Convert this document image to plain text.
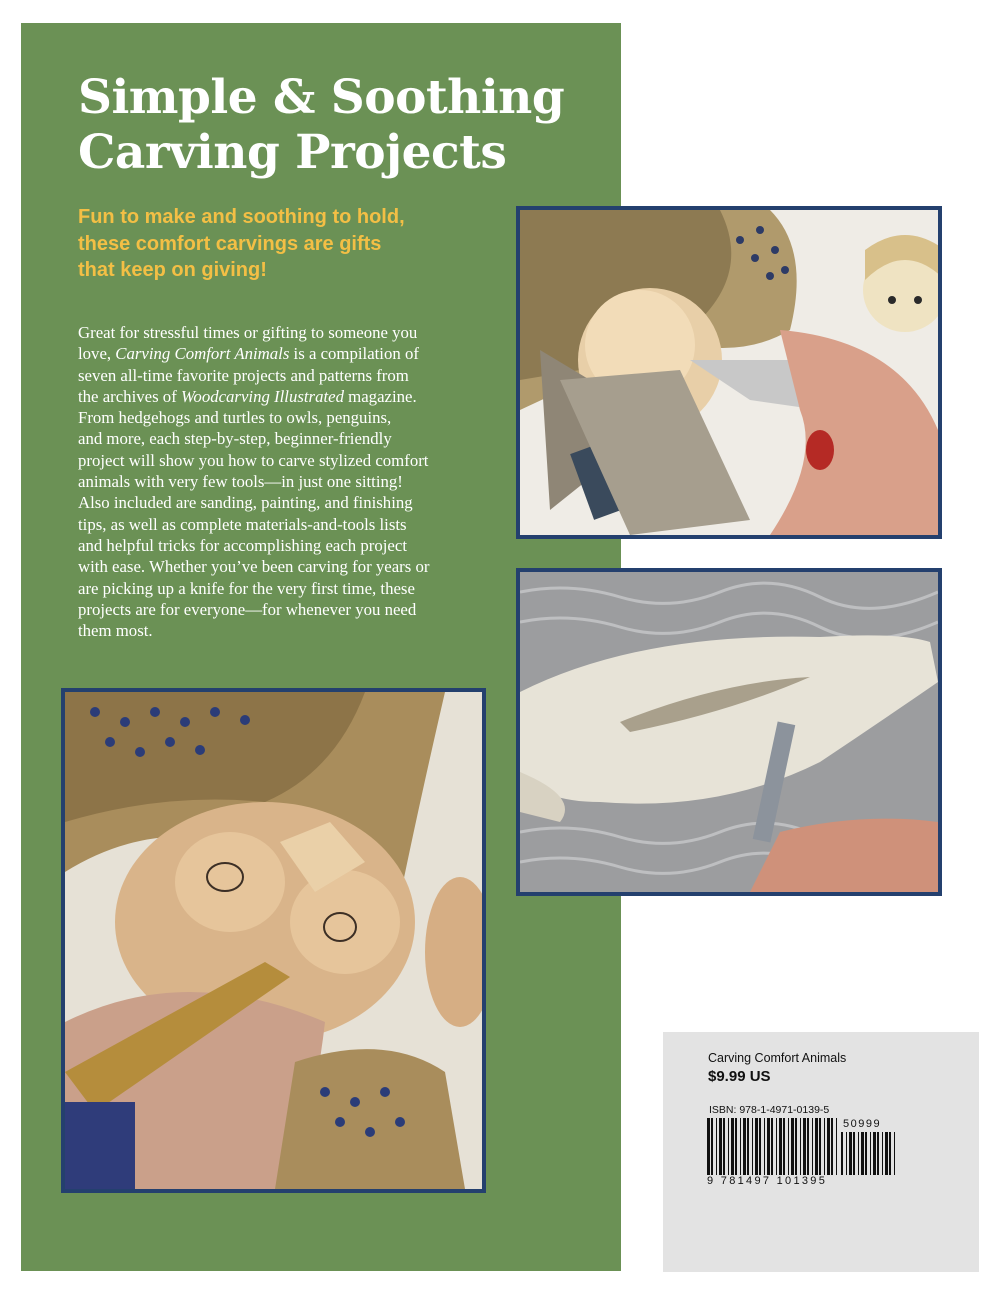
Simple & Soothing
Carving Projects
Fun to make and soothing to hold,
these comfort carvings are gifts
that keep on giving!
Great for stressful times or gifting to someone you
love, Carving Comfort Animals is a compilation of
seven all-time favorite projects and patterns from
the archives of Woodcarving Illustrated magazine.
From hedgehogs and turtles to owls, penguins,
and more, each step-by-step, beginner-friendly
project will show you how to carve stylized comfort
animals with very few tools—in just one sitting!
Also included are sanding, painting, and finishing
tips, as well as complete materials-and-tools lists
and helpful tricks for accomplishing each project
with ease. Whether you’ve been carving for years or
are picking up a knife for the very first time, these
projects are for everyone—for whenever you need
them most.
Carving Comfort Animals
$9.99 US
ISBN: 978-1-4971-0139-5
50999
9 781497 101395
